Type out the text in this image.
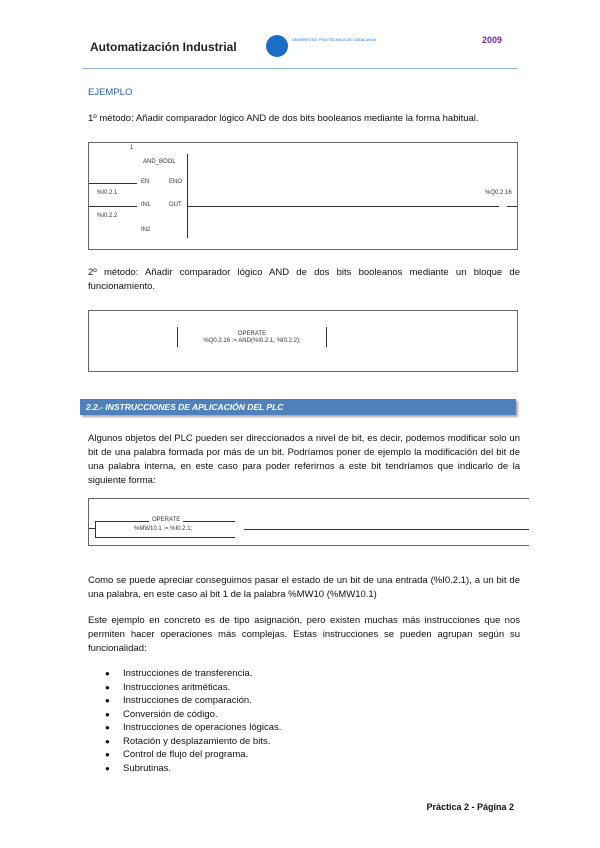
Automatización Industrial
UNIVERSITAT POLITÈCNICA DE CATALUNYA	2009
EJEMPLO
1º método: Añadir comparador lógico AND de dos bits booleanos mediante la forma habitual.
1
AND_BOOL
EN	ENO
IN1	OUT
IN2
%I0.2.1
%I0.2.2
%Q0.2.16
2º método: Añadir comparador lógico AND de dos bits booleanos mediante un bloque de funcionamiento.
OPERATE
%Q0.2.16 := AND(%I0.2.1, %I0.2.2);
2.2.- INSTRUCCIONES DE APLICACIÓN DEL PLC
Algunos objetos del PLC pueden ser direccionados a nivel de bit, es decir, podemos modificar solo un bit de una palabra formada por más de un bit. Podríamos poner de ejemplo la modificación del bit de una palabra interna, en este caso para poder referirnos a este bit tendríamos que indicarlo de la siguiente forma:
OPERATE
%MW10.1 := %I0.2.1;
Como se puede apreciar conseguimos pasar el estado de un bit de una entrada (%I0.2.1), a un bit de una palabra, en este caso al bit 1 de la palabra %MW10 (%MW10.1)
Este ejemplo en concreto es de tipo asignación, pero existen muchas más instrucciones que nos permiten hacer operaciones más complejas. Estas instrucciones se pueden agrupan según su funcionalidad:
● Instrucciones de transferencia.
● Instrucciones aritméticas.
● Instrucciones de comparación.
● Conversión de código.
● Instrucciones de operaciones lógicas.
● Rotación y desplazamiento de bits.
● Control de flujo del programa.
● Subrutinas.
Práctica 2 - Página 2
